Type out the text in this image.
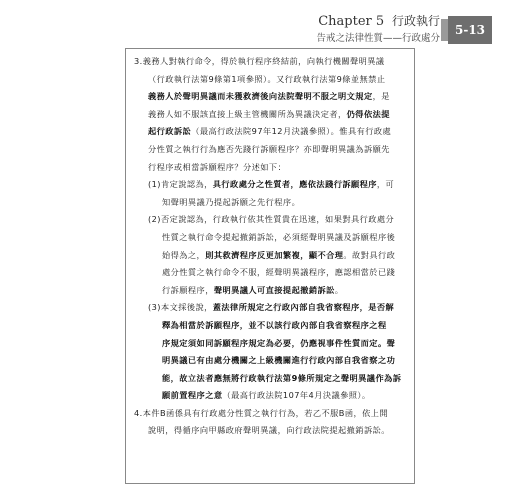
Chapter 5 行政執行
告戒之法律性質——行政處分
5-13
3.義務人對執行命令，得於執行程序終結前，向執行機關聲明異議
（行政執行法第9條第1項參照）。又行政執行法第9條並無禁止
義務人於聲明異議而未獲救濟後向法院聲明不服之明文規定，是
義務人如不服該直接上級主管機關所為異議決定者，仍得依法提
起行政訴訟（最高行政法院97年12月決議參照）。惟具有行政處
分性質之執行行為應否先踐行訴願程序？亦即聲明異議為訴願先
行程序或相當訴願程序？分述如下：
(1)肯定說認為，具行政處分之性質者，應依法踐行訴願程序，可
知聲明異議乃提起訴願之先行程序。
(2)否定說認為，行政執行依其性質貴在迅速，如果對具行政處分
性質之執行命令提起撤銷訴訟，必須經聲明異議及訴願程序後
始得為之，則其救濟程序反更加繁複，顯不合理。故對具行政
處分性質之執行命令不服，經聲明異議程序，應認相當於已踐
行訴願程序，聲明異議人可直接提起撤銷訴訟。
(3)本文採後說，蓋法律所規定之行政內部自我省察程序，是否解
釋為相當於訴願程序，並不以該行政內部自我省察程序之程
序規定須如同訴願程序規定為必要，仍應視事件性質而定。聲
明異議已有由處分機關之上級機關進行行政內部自我省察之功
能，故立法者應無將行政執行法第9條所規定之聲明異議作為訴
願前置程序之意（最高行政法院107年4月決議參照）。
4.本件B函係具有行政處分性質之執行行為，若乙不服B函，依上開
說明，得循序向甲縣政府聲明異議，向行政法院提起撤銷訴訟。
